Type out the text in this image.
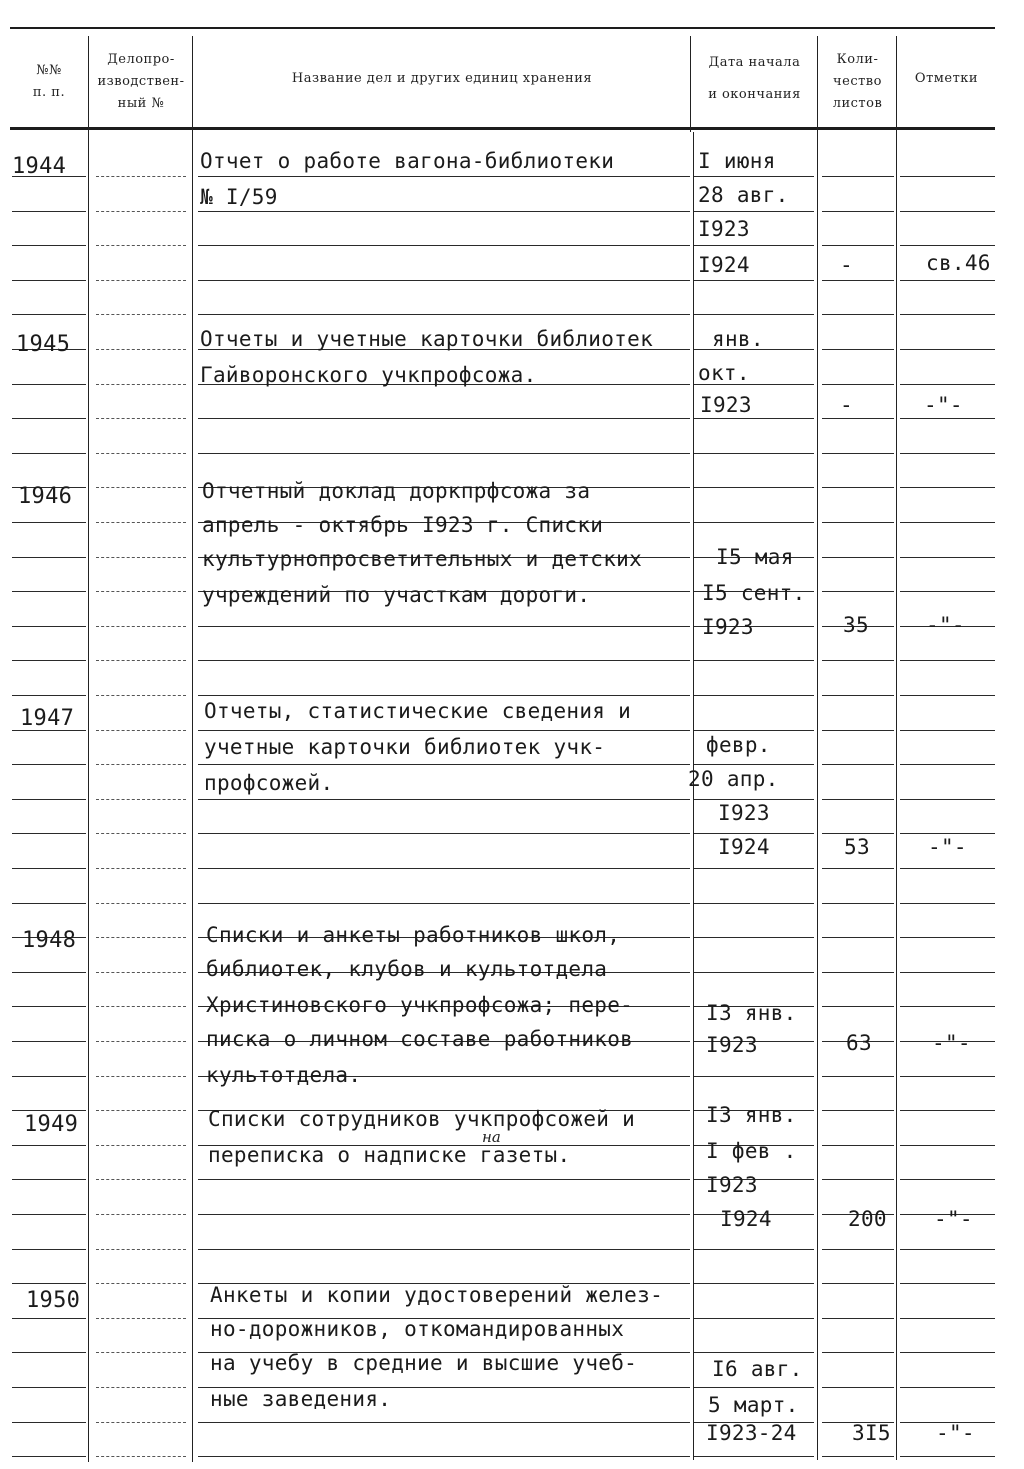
№№
п. п.
Делопро-
изводствен-
ный №
Название дел и других единиц хранения
Дата начала
и окончания
Коли-
чество
листов
Отметки
1944	Отчет о работе вагона-библиотеки
№ I/59
I июня
28 авг.
I923
I924	-	св.46
1945	Отчеты и учетные карточки библиотек
Гайворонского учкпрофсожа.
янв.
окт.
I923	-	-"-
1946	Отчетный доклад доркпрфсожа за
апрель - октябрь I923 г. Списки
культурнопросветительных и детских
учреждений по участкам дороги.
I5 мая
I5 сент.
I923	35	-"-
1947	Отчеты, статистические сведения и
учетные карточки библиотек учк-
профсожей.
февр.
20 апр.
I923
I924	53	-"-
1948	Списки и анкеты работников школ,
библиотек, клубов и культотдела
Христиновского учкпрофсожа; пере-
писка о личном составе работников
культотдела.
I3 янв.
I923	63	-"-
1949	Списки сотрудников учкпрофсожей и
на
переписка о надписке газеты.
I3 янв.
I фев .
I923
I924	200 -"-
1950	Анкеты и копии удостоверений желез-
но-дорожников, откомандированных
на учебу в средние и высшие учеб-
ные заведения.
I6 авг.
5 март.
I923-24	3I5 -"-
